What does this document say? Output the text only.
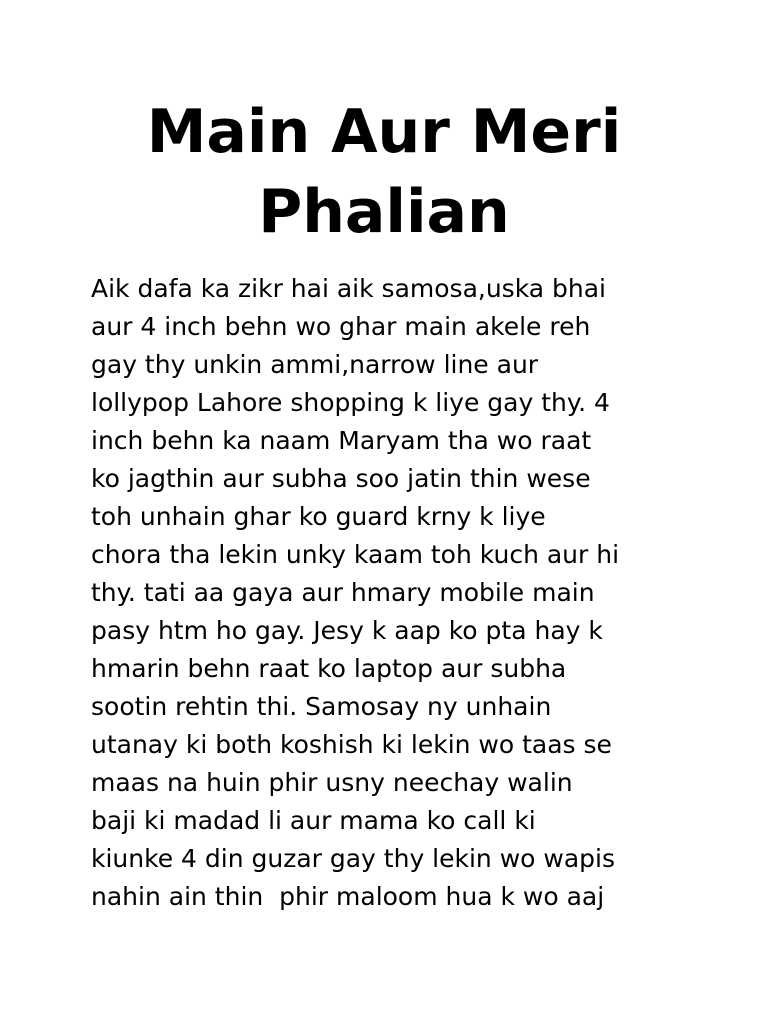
Main Aur Meri
Phalian
Aik dafa ka zikr hai aik samosa,uska bhai
aur 4 inch behn wo ghar main akele reh
gay thy unkin ammi,narrow line aur
lollypop Lahore shopping k liye gay thy. 4
inch behn ka naam Maryam tha wo raat
ko jagthin aur subha soo jatin thin wese
toh unhain ghar ko guard krny k liye
chora tha lekin unky kaam toh kuch aur hi
thy. tati aa gaya aur hmary mobile main
pasy htm ho gay. Jesy k aap ko pta hay k
hmarin behn raat ko laptop aur subha
sootin rehtin thi. Samosay ny unhain
utanay ki both koshish ki lekin wo taas se
maas na huin phir usny neechay walin
baji ki madad li aur mama ko call ki
kiunke 4 din guzar gay thy lekin wo wapis
nahin ain thin  phir maloom hua k wo aaj
